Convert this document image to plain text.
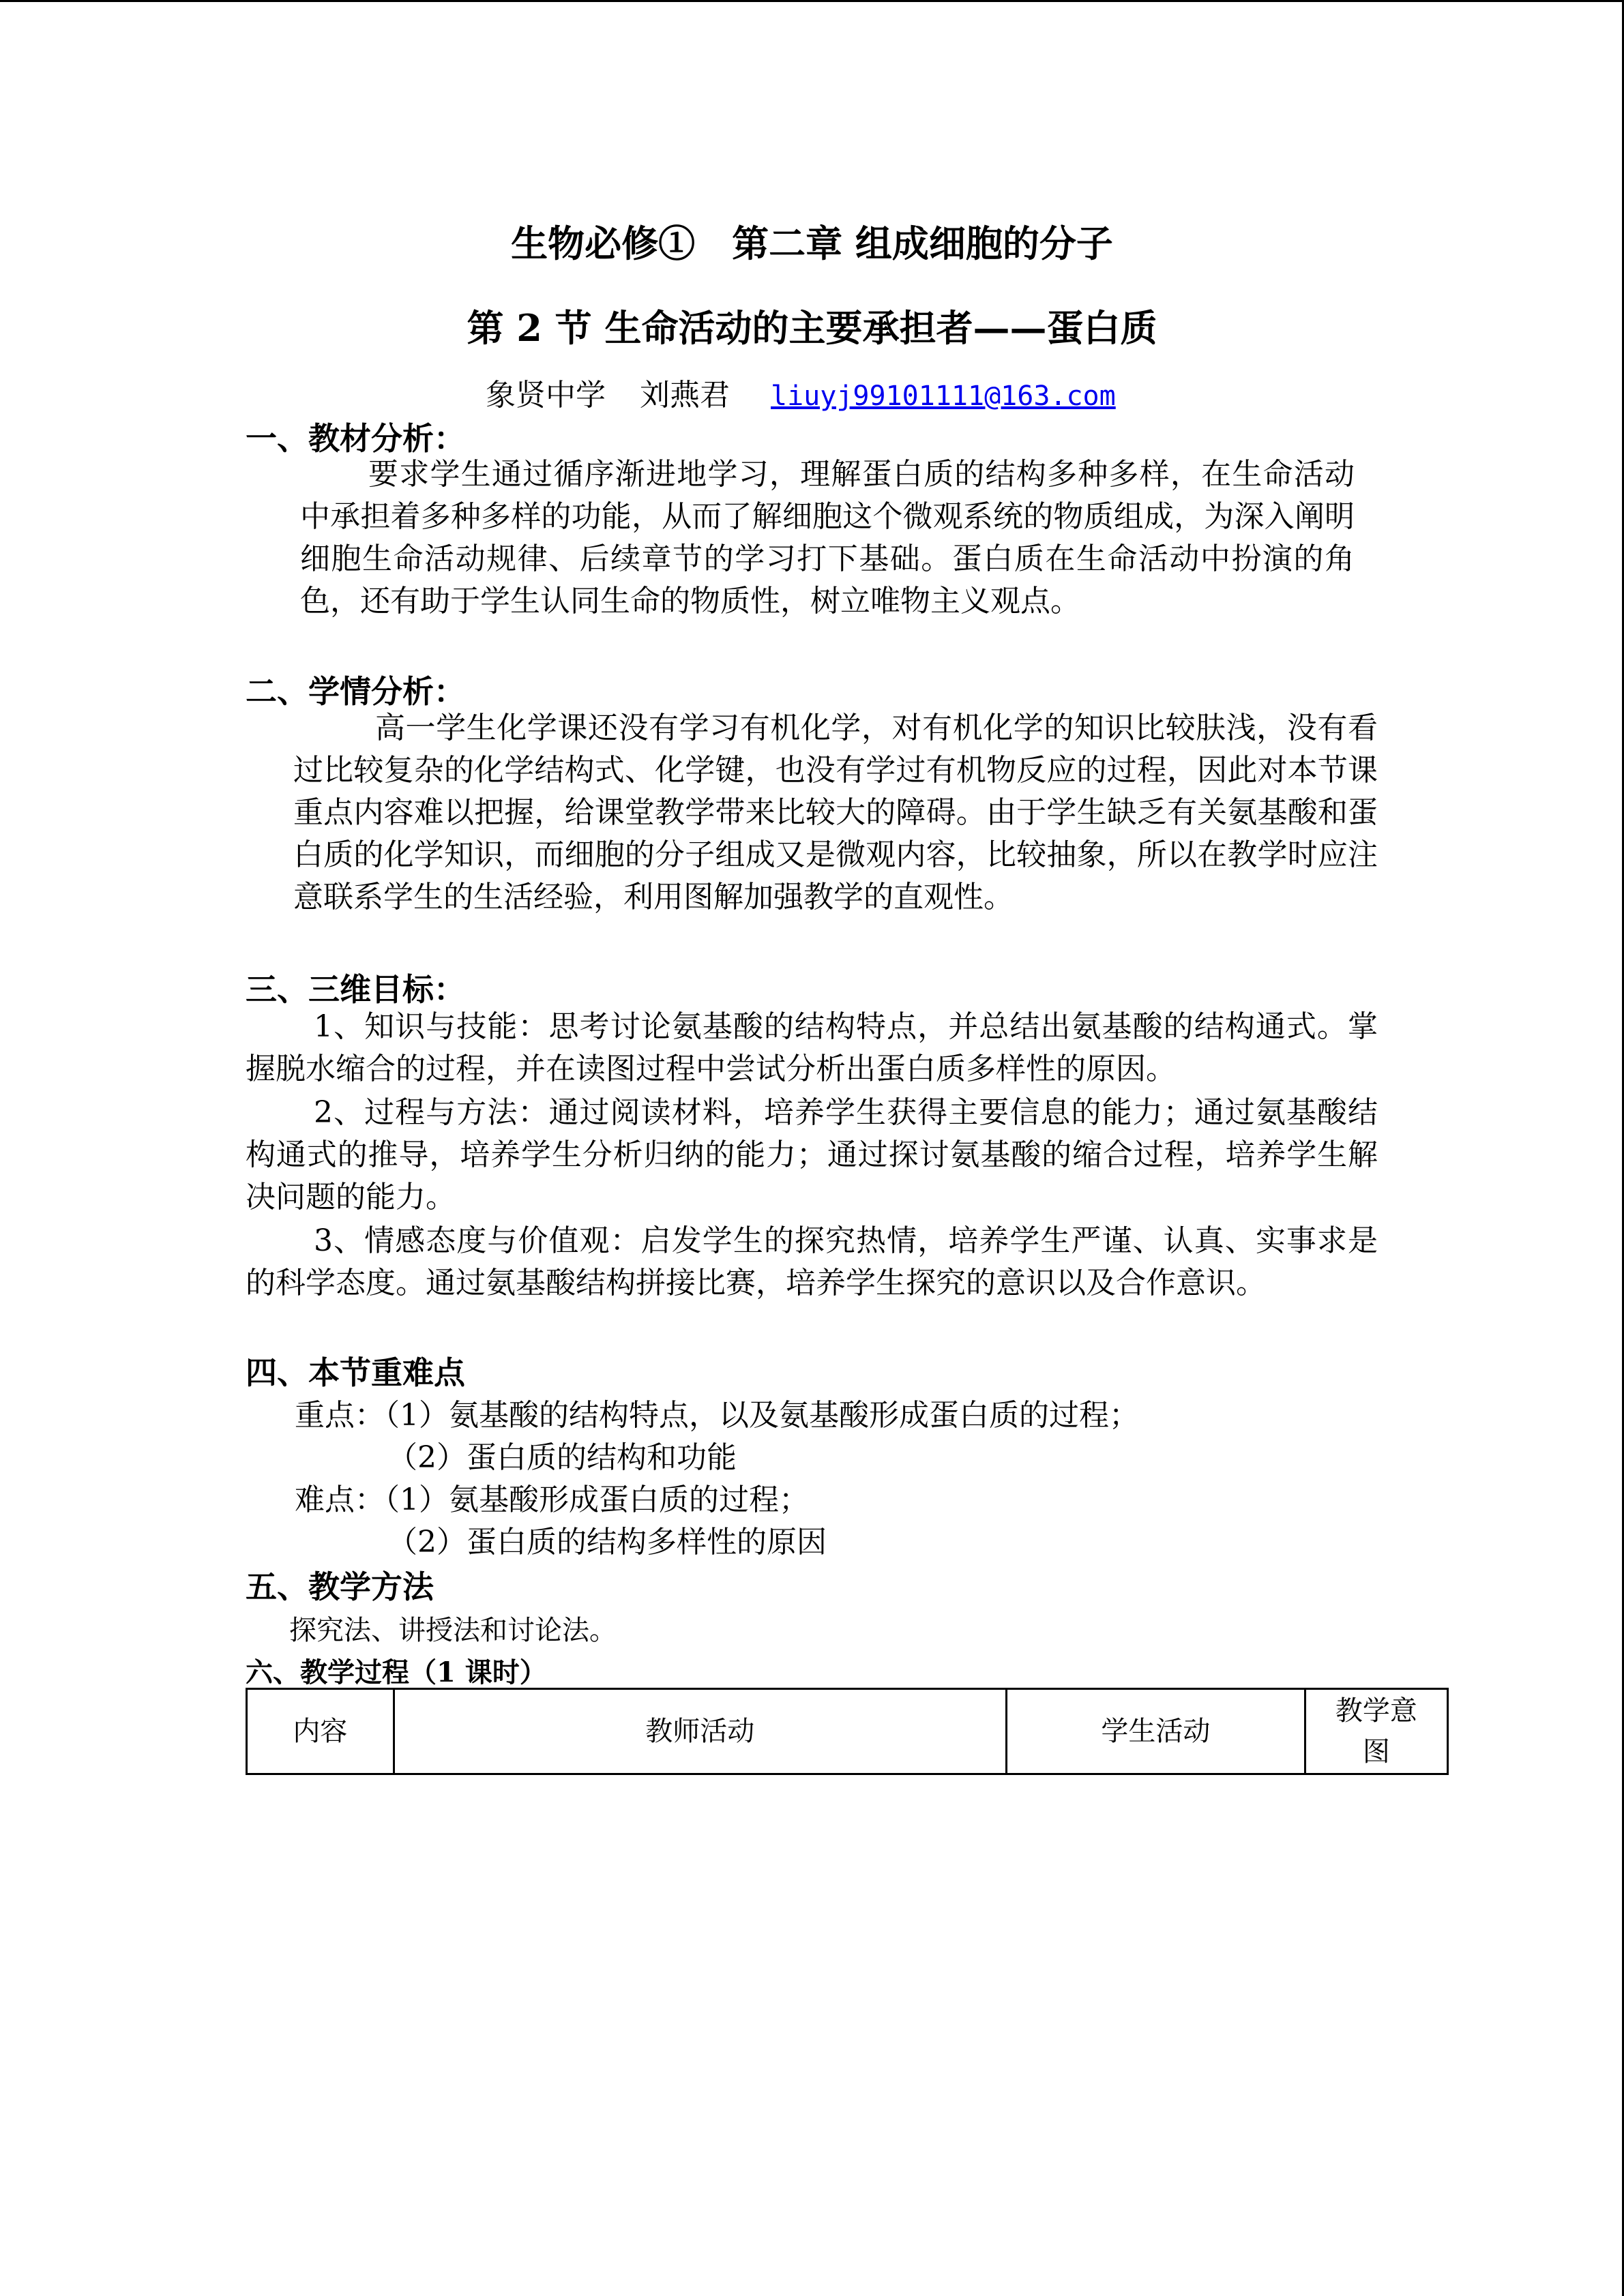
生物必修①　第二章 组成细胞的分子
第 2 节 生命活动的主要承担者——蛋白质
象贤中学 刘燕君 liuyj99101111@163.com
一、教材分析：
要求学生通过循序渐进地学习，理解蛋白质的结构多种多样，在生命活动中承担着多种多样的功能，从而了解细胞这个微观系统的物质组成，为深入阐明细胞生命活动规律、后续章节的学习打下基础。蛋白质在生命活动中扮演的角色，还有助于学生认同生命的物质性，树立唯物主义观点。
二、学情分析：
高一学生化学课还没有学习有机化学，对有机化学的知识比较肤浅，没有看过比较复杂的化学结构式、化学键，也没有学过有机物反应的过程，因此对本节课重点内容难以把握，给课堂教学带来比较大的障碍。由于学生缺乏有关氨基酸和蛋白质的化学知识，而细胞的分子组成又是微观内容，比较抽象，所以在教学时应注意联系学生的生活经验，利用图解加强教学的直观性。
三、三维目标：
1、知识与技能：思考讨论氨基酸的结构特点，并总结出氨基酸的结构通式。掌握脱水缩合的过程，并在读图过程中尝试分析出蛋白质多样性的原因。
2、过程与方法：通过阅读材料，培养学生获得主要信息的能力；通过氨基酸结构通式的推导，培养学生分析归纳的能力；通过探讨氨基酸的缩合过程，培养学生解决问题的能力。
3、情感态度与价值观：启发学生的探究热情，培养学生严谨、认真、实事求是的科学态度。通过氨基酸结构拼接比赛，培养学生探究的意识以及合作意识。
四、本节重难点
重点：（1）氨基酸的结构特点，以及氨基酸形成蛋白质的过程；
（2）蛋白质的结构和功能
难点：（1）氨基酸形成蛋白质的过程；
（2）蛋白质的结构多样性的原因
五、教学方法
探究法、讲授法和讨论法。
六、教学过程（1 课时）
内容	教师活动	学生活动	教学意图
